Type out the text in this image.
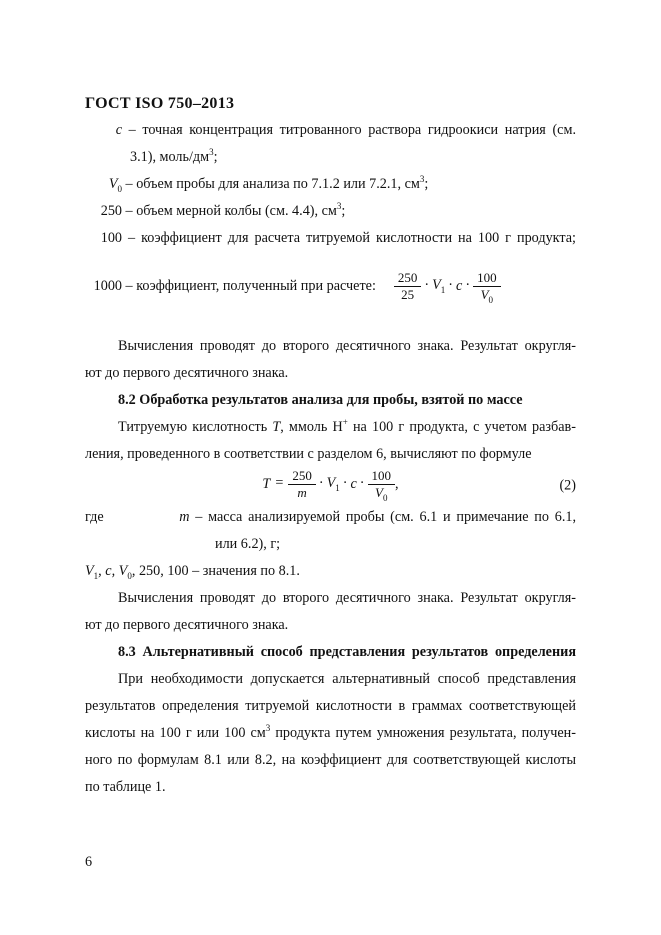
ГОСТ ISO 750–2013
c – точная концентрация титрованного раствора гидроокиси натрия (см.
3.1), моль/$дм^3$;
$V_0$ – объем пробы для анализа по 7.1.2 или 7.2.1, $см^3$;
250 – объем мерной колбы (см. 4.4), $см^3$;
100 – коэффициент для расчета титруемой кислотности на 100 г продукта;
1000 – коэффициент, полученный при расчете: $\frac{250}{25} \cdot V_1 \cdot c \cdot \frac{100}{V_0}$
Вычисления проводят до второго десятичного знака. Результат округля-
ют до первого десятичного знака.
8.2 Обработка результатов анализа для пробы, взятой по массе
Титруемую кислотность T, ммоль H+ на 100 г продукта, с учетом разбав-
ления, проведенного в соответствии с разделом 6, вычисляют по формуле
$T = \frac{250}{m} \cdot V_1 \cdot c \cdot \frac{100}{V_0}$ ,	(2)
где	m – масса анализируемой пробы (см. 6.1 и примечание по 6.1,
или 6.2), г;
$V_1$, c, $V_0$, 250, 100 – значения по 8.1.
Вычисления проводят до второго десятичного знака. Результат округля-
ют до первого десятичного знака.
8.3 Альтернативный способ представления результатов определения
При необходимости допускается альтернативный способ представления
результатов определения титруемой кислотности в граммах соответствующей
кислоты на 100 г или 100 $см^3$ продукта путем умножения результата, получен-
ного по формулам 8.1 или 8.2, на коэффициент для соответствующей кислоты
по таблице 1.
6
